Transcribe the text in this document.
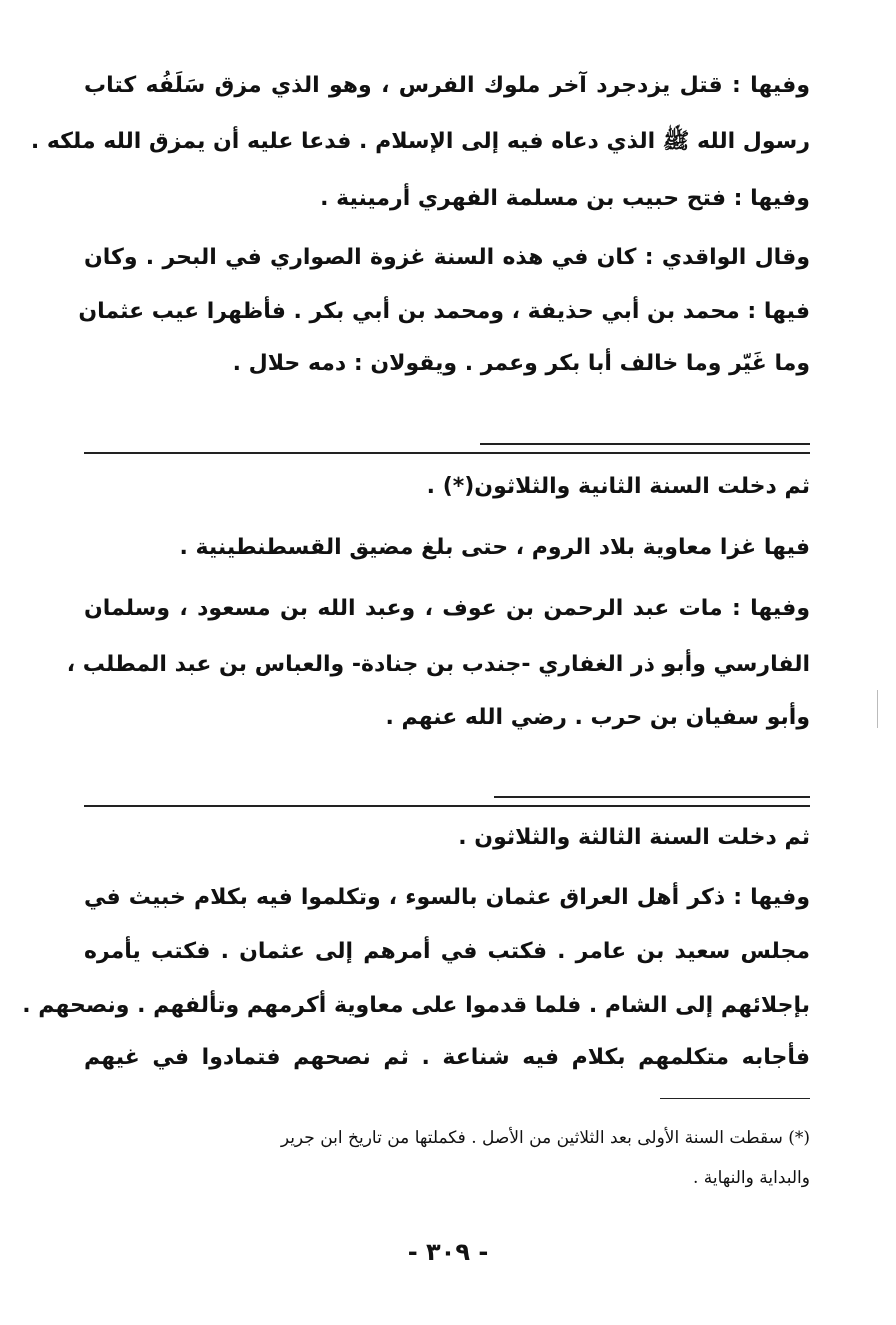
وفيها : قتل يزدجرد آخر ملوك الفرس ، وهو الذي مزق سَلَفُه كتاب
رسول الله ﷺ الذي دعاه فيه إلى الإسلام . فدعا عليه أن يمزق الله ملكه .
وفيها : فتح حبيب بن مسلمة الفهري أرمينية .
وقال الواقدي : كان في هذه السنة غزوة الصواري في البحر . وكان
فيها : محمد بن أبي حذيفة ، ومحمد بن أبي بكر . فأظهرا عيب عثمان
وما غَيّر وما خالف أبا بكر وعمر . ويقولان : دمه حلال .
ثم دخلت السنة الثانية والثلاثون(*) .
فيها غزا معاوية بلاد الروم ، حتى بلغ مضيق القسطنطينية .
وفيها : مات عبد الرحمن بن عوف ، وعبد الله بن مسعود ، وسلمان
الفارسي وأبو ذر الغفاري -جندب بن جنادة- والعباس بن عبد المطلب ،
وأبو سفيان بن حرب . رضي الله عنهم .
ثم دخلت السنة الثالثة والثلاثون .
وفيها : ذكر أهل العراق عثمان بالسوء ، وتكلموا فيه بكلام خبيث في
مجلس سعيد بن عامر . فكتب في أمرهم إلى عثمان . فكتب يأمره
بإجلائهم إلى الشام . فلما قدموا على معاوية أكرمهم وتألفهم . ونصحهم .
فأجابه متكلمهم بكلام فيه شناعة . ثم نصحهم فتمادوا في غيهم
(*) سقطت السنة الأولى بعد الثلاثين من الأصل . فكملتها من تاريخ ابن جرير
والبداية والنهاية .
- ٣٠٩ -
